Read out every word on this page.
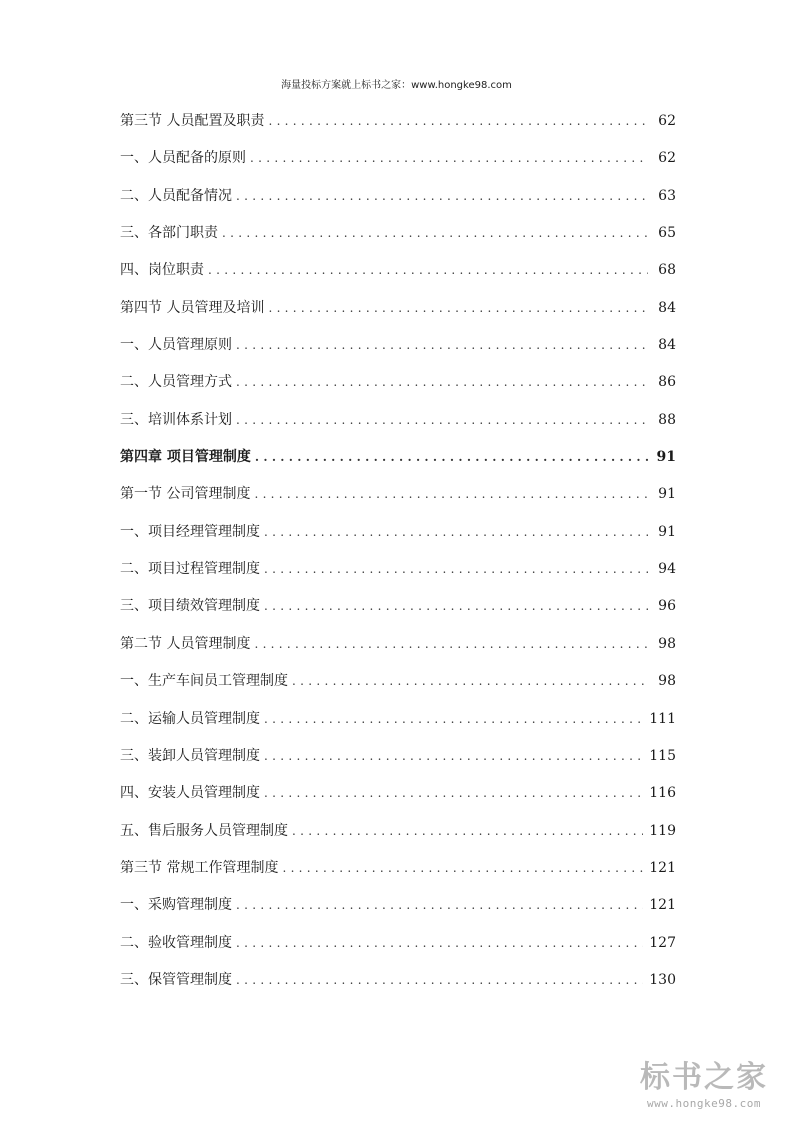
海量投标方案就上标书之家：www.hongke98.com
第三节 人员配置及职责 .....	62
一、人员配备的原则 .....	62
二、人员配备情况 .....	63
三、各部门职责 .....	65
四、岗位职责 .....	68
第四节 人员管理及培训 .....	84
一、人员管理原则 .....	84
二、人员管理方式 .....	86
三、培训体系计划 .....	88
第四章 项目管理制度 .....	91
第一节 公司管理制度 .....	91
一、项目经理管理制度 .....	91
二、项目过程管理制度 .....	94
三、项目绩效管理制度 .....	96
第二节 人员管理制度 .....	98
一、生产车间员工管理制度 .....	98
二、运输人员管理制度 .....	111
三、装卸人员管理制度 .....	115
四、安装人员管理制度 .....	116
五、售后服务人员管理制度 .....	119
第三节 常规工作管理制度 .....	121
一、采购管理制度 .....	121
二、验收管理制度 .....	127
三、保管管理制度 .....	130
标书之家
www.hongke98.com
